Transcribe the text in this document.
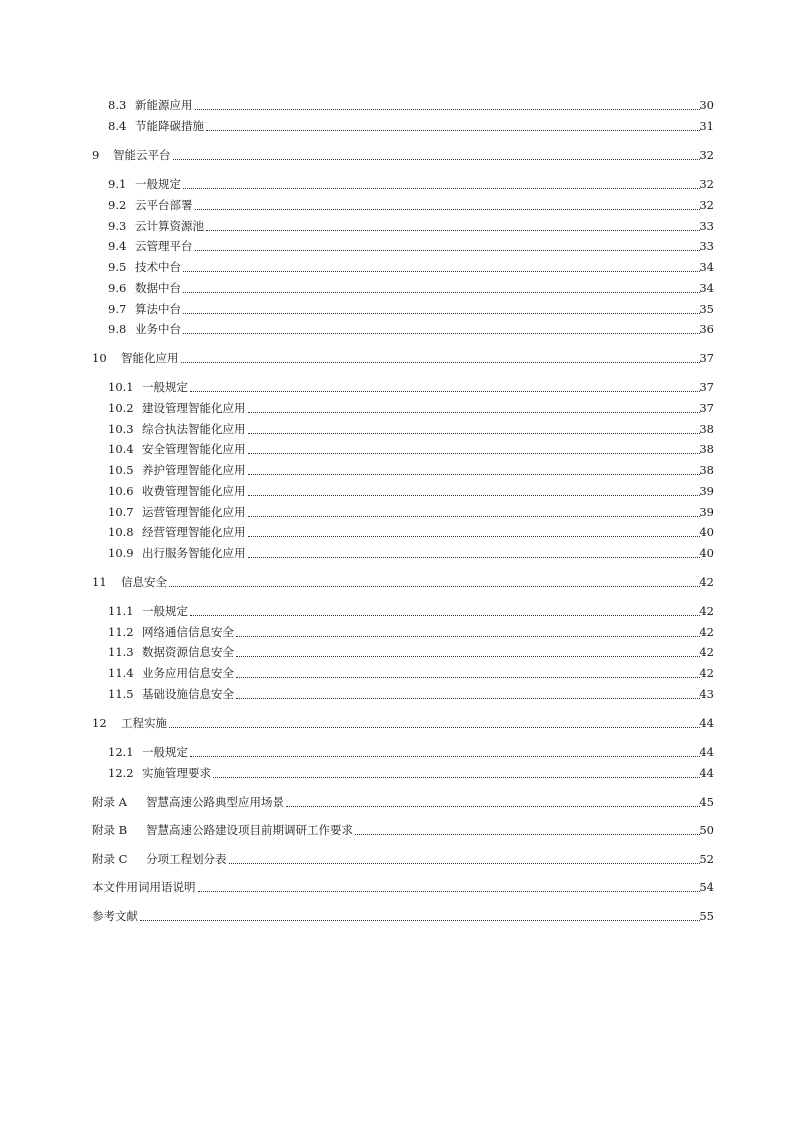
8.3 新能源应用	30
8.4 节能降碳措施	31
9 智能云平台	32
9.1 一般规定	32
9.2 云平台部署	32
9.3 云计算资源池	33
9.4 云管理平台	33
9.5 技术中台	34
9.6 数据中台	34
9.7 算法中台	35
9.8 业务中台	36
10 智能化应用	37
10.1 一般规定	37
10.2 建设管理智能化应用	37
10.3 综合执法智能化应用	38
10.4 安全管理智能化应用	38
10.5 养护管理智能化应用	38
10.6 收费管理智能化应用	39
10.7 运营管理智能化应用	39
10.8 经营管理智能化应用	40
10.9 出行服务智能化应用	40
11 信息安全	42
11.1 一般规定	42
11.2 网络通信信息安全	42
11.3 数据资源信息安全	42
11.4 业务应用信息安全	42
11.5 基础设施信息安全	43
12 工程实施	44
12.1 一般规定	44
12.2 实施管理要求	44
附录 A 智慧高速公路典型应用场景	45
附录 B 智慧高速公路建设项目前期调研工作要求	50
附录 C 分项工程划分表	52
本文件用词用语说明	54
参考文献	55
